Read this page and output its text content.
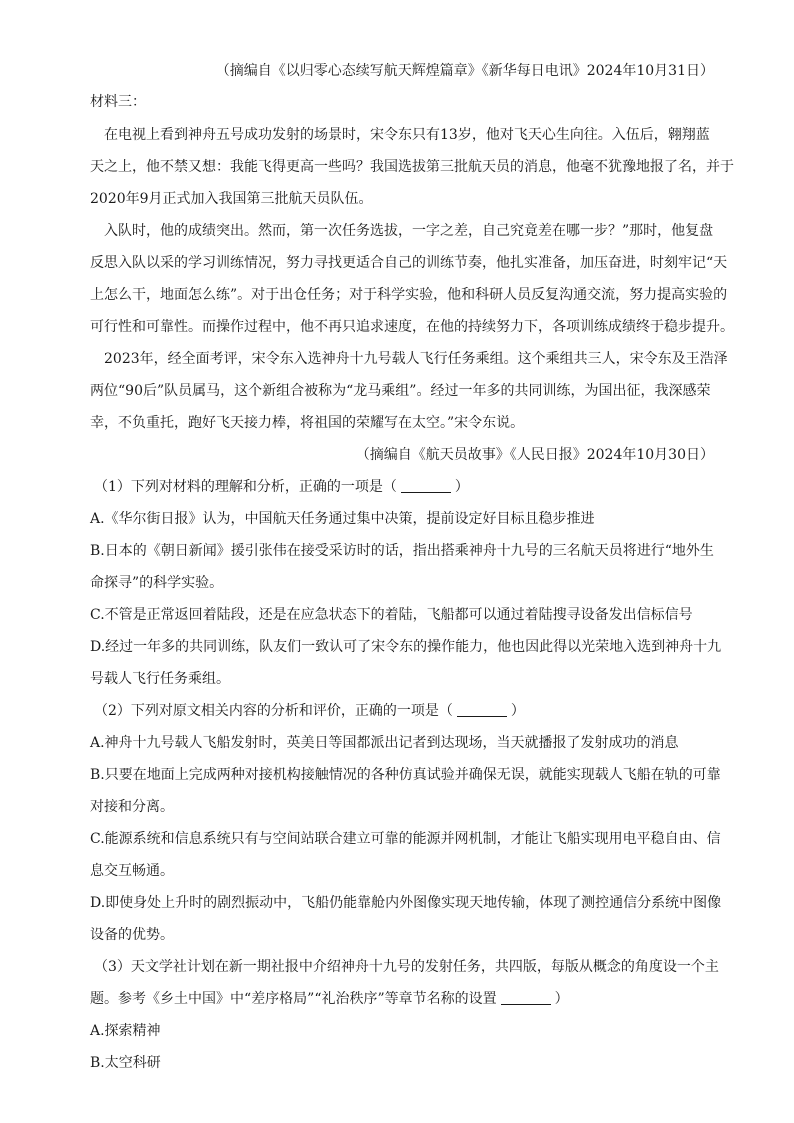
（摘编自《以归零心态续写航天辉煌篇章》《新华每日电讯》2024年10月31日）
材料三：
在电视上看到神舟五号成功发射的场景时，宋令东只有13岁，他对飞天心生向往。入伍后，翱翔蓝
天之上，他不禁又想：我能飞得更高一些吗？我国选拔第三批航天员的消息，他毫不犹豫地报了名，并于
2020年9月正式加入我国第三批航天员队伍。
入队时，他的成绩突出。然而，第一次任务选拔，一字之差，自己究竟差在哪一步？”那时，他复盘
反思入队以采的学习训练情况，努力寻找更适合自己的训练节奏，他扎实准备，加压奋进，时刻牢记“天
上怎么干，地面怎么练”。对于出仓任务；对于科学实验，他和科研人员反复沟通交流，努力提高实验的
可行性和可靠性。而操作过程中，他不再只追求速度，在他的持续努力下，各项训练成绩终于稳步提升。
2023年，经全面考评，宋令东入选神舟十九号载人飞行任务乘组。这个乘组共三人，宋令东及王浩泽
两位“90后”队员属马，这个新组合被称为“龙马乘组”。经过一年多的共同训练，为国出征，我深感荣
幸，不负重托，跑好飞天接力棒，将祖国的荣耀写在太空。”宋令东说。
（摘编自《航天员故事》《人民日报》2024年10月30日）
（1）下列对材料的理解和分析，正确的一项是（	）
A.《华尔街日报》认为，中国航天任务通过集中决策，提前设定好目标且稳步推进
B.日本的《朝日新闻》援引张伟在接受采访时的话，指出搭乘神舟十九号的三名航天员将进行“地外生
命探寻”的科学实验。
C.不管是正常返回着陆段，还是在应急状态下的着陆，飞船都可以通过着陆搜寻设备发出信标信号
D.经过一年多的共同训练，队友们一致认可了宋令东的操作能力，他也因此得以光荣地入选到神舟十九
号载人飞行任务乘组。
（2）下列对原文相关内容的分析和评价，正确的一项是（	）
A.神舟十九号载人飞船发射时，英美日等国都派出记者到达现场，当天就播报了发射成功的消息
B.只要在地面上完成两种对接机构接触情况的各种仿真试验并确保无误，就能实现载人飞船在轨的可靠
对接和分离。
C.能源系统和信息系统只有与空间站联合建立可靠的能源并网机制，才能让飞船实现用电平稳自由、信
息交互畅通。
D.即使身处上升时的剧烈振动中，飞船仍能靠舱内外图像实现天地传输，体现了测控通信分系统中图像
设备的优势。
（3）天文学社计划在新一期社报中介绍神舟十九号的发射任务，共四版，每版从概念的角度设一个主
题。参考《乡土中国》中“差序格局”“礼治秩序”等章节名称的设置	）
A.探索精神
B.太空科研
